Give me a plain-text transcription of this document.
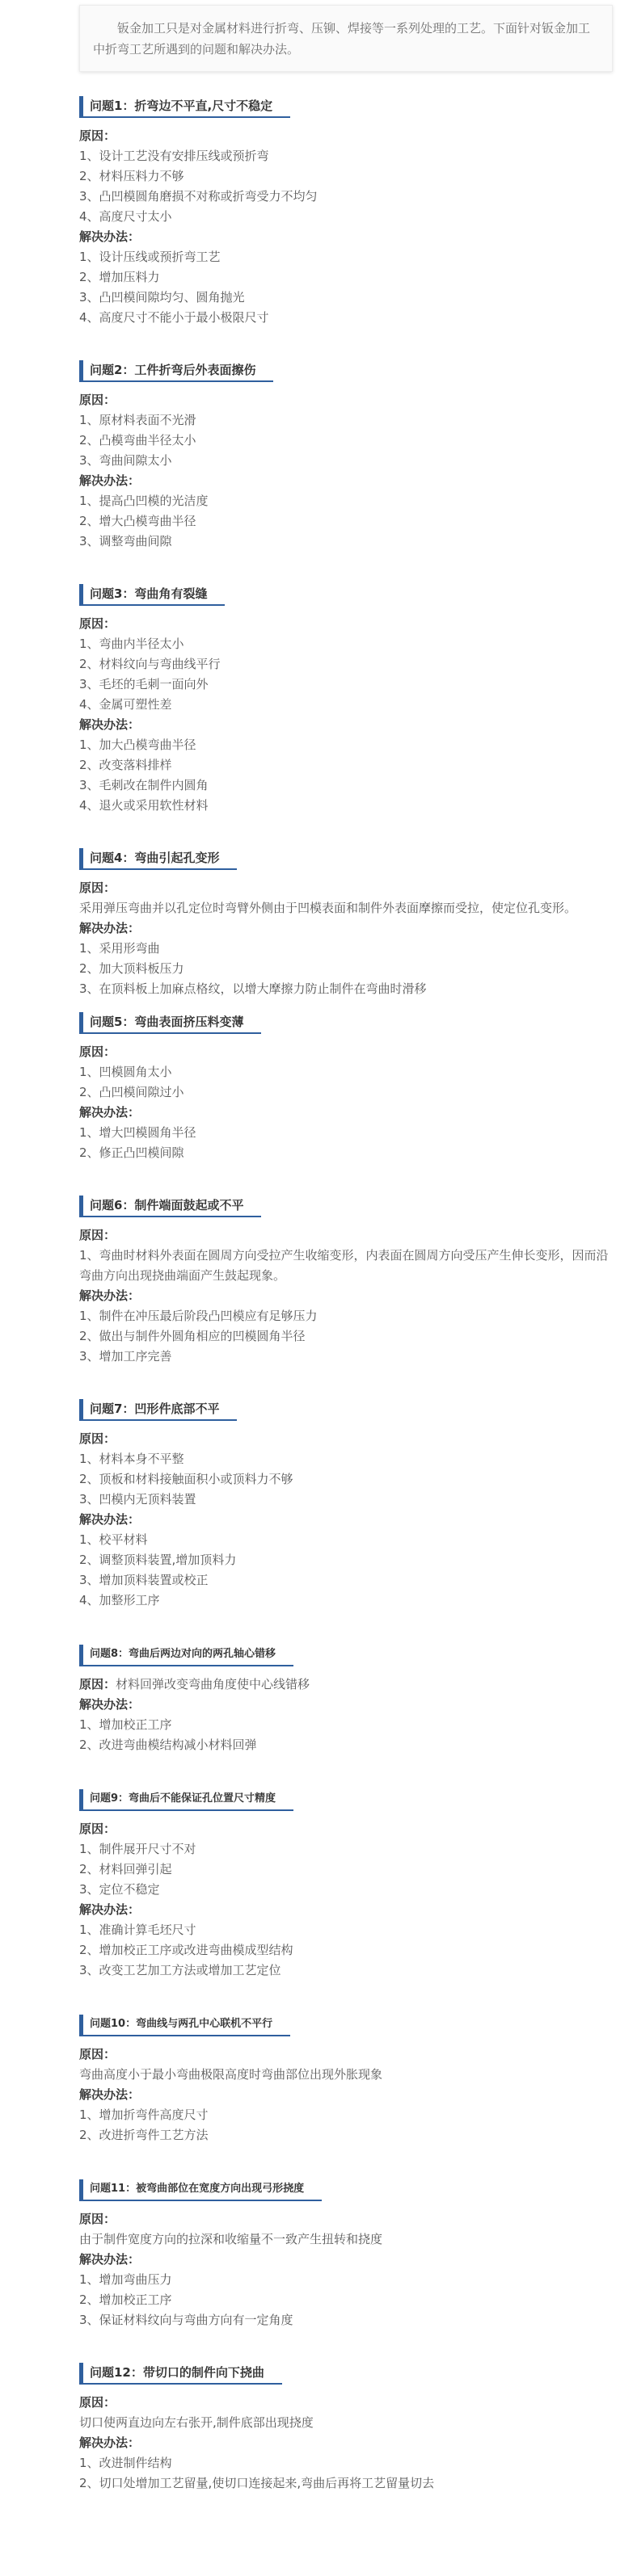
钣金加工只是对金属材料进行折弯、压铆、焊接等一系列处理的工艺。下面针对钣金加工中折弯工艺所遇到的问题和解决办法。
问题1：折弯边不平直,尺寸不稳定
原因：
1、设计工艺没有安排压线或预折弯
2、材料压料力不够
3、凸凹模圆角磨损不对称或折弯受力不均匀
4、高度尺寸太小
解决办法：
1、设计压线或预折弯工艺
2、增加压料力
3、凸凹模间隙均匀、圆角抛光
4、高度尺寸不能小于最小极限尺寸
问题2：工件折弯后外表面擦伤
原因：
1、原材料表面不光滑
2、凸模弯曲半径太小
3、弯曲间隙太小
解决办法：
1、提高凸凹模的光洁度
2、增大凸模弯曲半径
3、调整弯曲间隙
问题3：弯曲角有裂缝
原因：
1、弯曲内半径太小
2、材料纹向与弯曲线平行
3、毛坯的毛刺一面向外
4、金属可塑性差
解决办法：
1、加大凸模弯曲半径
2、改变落料排样
3、毛刺改在制件内圆角
4、退火或采用软性材料
问题4：弯曲引起孔变形
原因：
采用弹压弯曲并以孔定位时弯臂外侧由于凹模表面和制件外表面摩擦而受拉，使定位孔变形。
解决办法：
1、采用形弯曲
2、加大顶料板压力
3、在顶料板上加麻点格纹，以增大摩擦力防止制件在弯曲时滑移
问题5：弯曲表面挤压料变薄
原因：
1、凹模圆角太小
2、凸凹模间隙过小
解决办法：
1、增大凹模圆角半径
2、修正凸凹模间隙
问题6：制件端面鼓起或不平
原因：
1、弯曲时材料外表面在圆周方向受拉产生收缩变形，内表面在圆周方向受压产生伸长变形，因而沿弯曲方向出现挠曲端面产生鼓起现象。
解决办法：
1、制件在冲压最后阶段凸凹模应有足够压力
2、做出与制件外圆角相应的凹模圆角半径
3、增加工序完善
问题7：凹形件底部不平
原因：
1、材料本身不平整
2、顶板和材料接触面积小或顶料力不够
3、凹模内无顶料装置
解决办法：
1、校平材料
2、调整顶料装置,增加顶料力
3、增加顶料装置或校正
4、加整形工序
问题8：弯曲后两边对向的两孔轴心错移
原因：材料回弹改变弯曲角度使中心线错移
解决办法：
1、增加校正工序
2、改进弯曲模结构减小材料回弹
问题9：弯曲后不能保证孔位置尺寸精度
原因：
1、制件展开尺寸不对
2、材料回弹引起
3、定位不稳定
解决办法：
1、准确计算毛坯尺寸
2、增加校正工序或改进弯曲模成型结构
3、改变工艺加工方法或增加工艺定位
问题10：弯曲线与两孔中心联机不平行
原因：
弯曲高度小于最小弯曲极限高度时弯曲部位出现外胀现象
解决办法：
1、增加折弯件高度尺寸
2、改进折弯件工艺方法
问题11：被弯曲部位在宽度方向出现弓形挠度
原因：
由于制件宽度方向的拉深和收缩量不一致产生扭转和挠度
解决办法：
1、增加弯曲压力
2、增加校正工序
3、保证材料纹向与弯曲方向有一定角度
问题12：带切口的制件向下挠曲
原因：
切口使两直边向左右张开,制件底部出现挠度
解决办法：
1、改进制件结构
2、切口处增加工艺留量,使切口连接起来,弯曲后再将工艺留量切去
